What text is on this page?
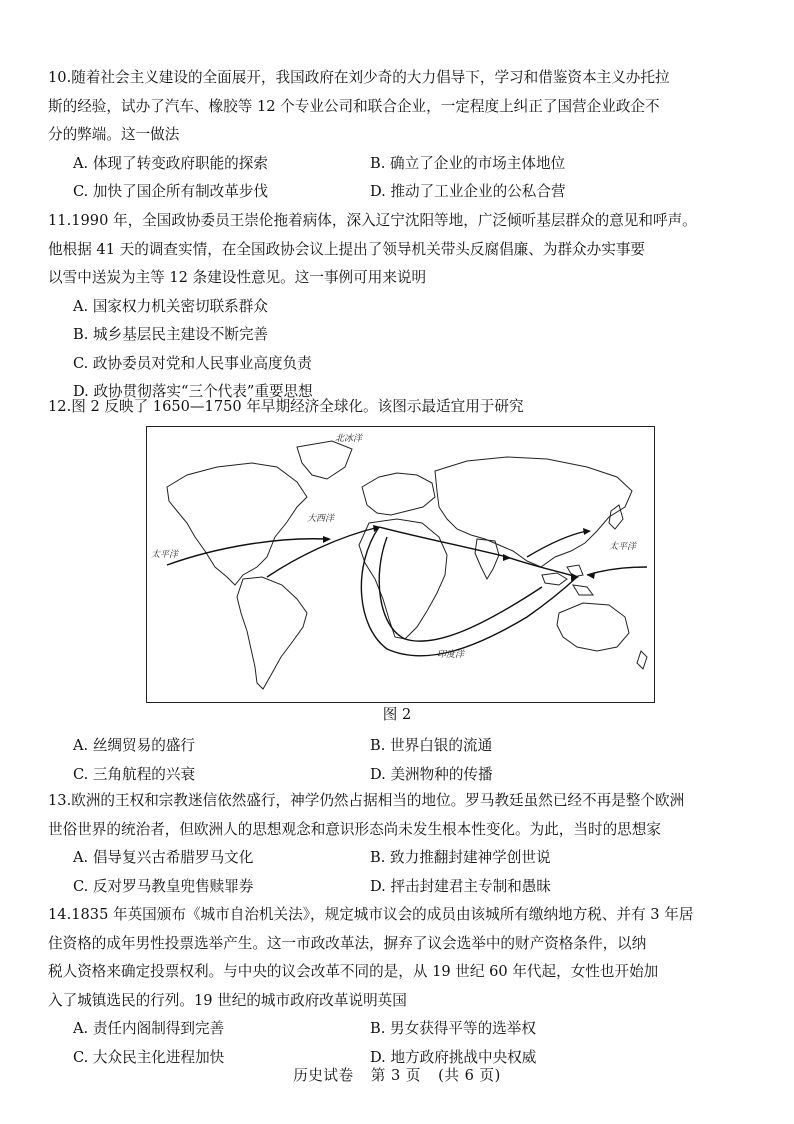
10.随着社会主义建设的全面展开，我国政府在刘少奇的大力倡导下，学习和借鉴资本主义办托拉
斯的经验，试办了汽车、橡胶等 12 个专业公司和联合企业，一定程度上纠正了国营企业政企不
分的弊端。这一做法
A. 体现了转变政府职能的探索	B. 确立了企业的市场主体地位
C. 加快了国企所有制改革步伐	D. 推动了工业企业的公私合营
11.1990 年，全国政协委员王崇伦拖着病体，深入辽宁沈阳等地，广泛倾听基层群众的意见和呼声。
他根据 41 天的调查实情，在全国政协会议上提出了领导机关带头反腐倡廉、为群众办实事要
以雪中送炭为主等 12 条建设性意见。这一事例可用来说明
A. 国家权力机关密切联系群众
B. 城乡基层民主建设不断完善
C. 政协委员对党和人民事业高度负责
D. 政协贯彻落实“三个代表”重要思想
12.图 2 反映了 1650—1750 年早期经济全球化。该图示最适宜用于研究
北冰洋
大西洋
太平洋
太平洋
印度洋
图 2
A. 丝绸贸易的盛行	B. 世界白银的流通
C. 三角航程的兴衰	D. 美洲物种的传播
13.欧洲的王权和宗教迷信依然盛行，神学仍然占据相当的地位。罗马教廷虽然已经不再是整个欧洲
世俗世界的统治者，但欧洲人的思想观念和意识形态尚未发生根本性变化。为此，当时的思想家
A. 倡导复兴古希腊罗马文化	B. 致力推翻封建神学创世说
C. 反对罗马教皇兜售赎罪券	D. 抨击封建君主专制和愚昧
14.1835 年英国颁布《城市自治机关法》，规定城市议会的成员由该城所有缴纳地方税、并有 3 年居
住资格的成年男性投票选举产生。这一市政改革法，摒弃了议会选举中的财产资格条件，以纳
税人资格来确定投票权利。与中央的议会改革不同的是，从 19 世纪 60 年代起，女性也开始加
入了城镇选民的行列。19 世纪的城市政府改革说明英国
A. 责任内阁制得到完善	B. 男女获得平等的选举权
C. 大众民主化进程加快	D. 地方政府挑战中央权威
历史试卷 第 3 页 (共 6 页)
